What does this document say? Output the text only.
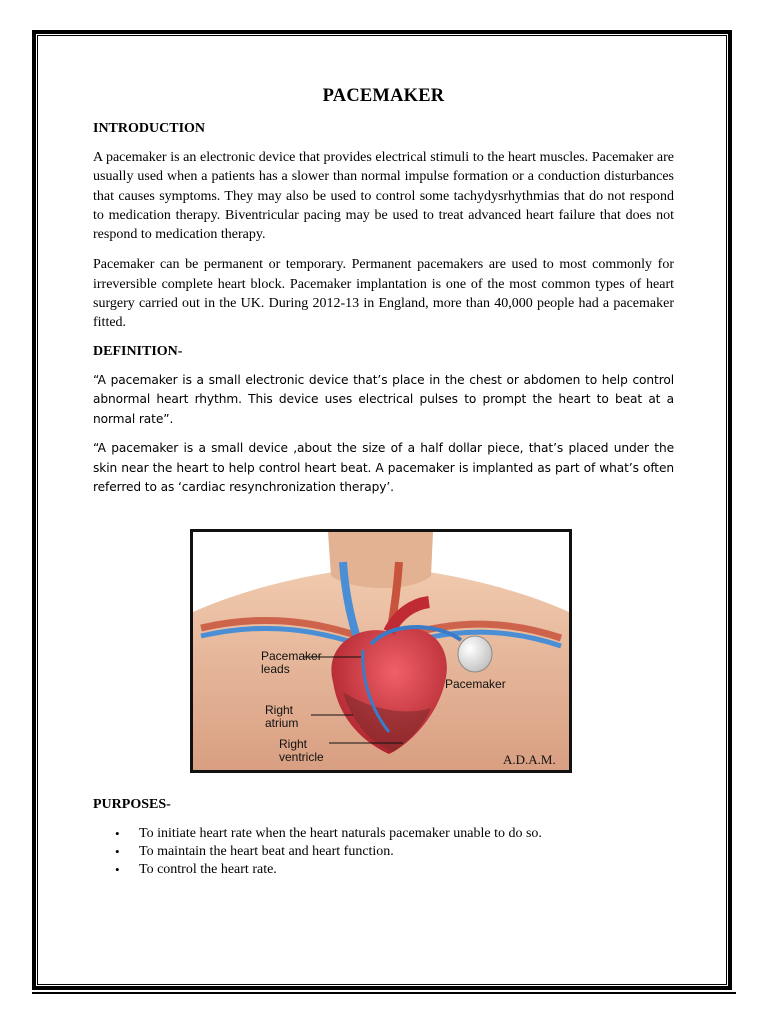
PACEMAKER
INTRODUCTION

A pacemaker is an electronic device that provides electrical stimuli to the heart muscles. Pacemaker are usually used when a patients has a slower than normal impulse formation or a conduction disturbances that causes symptoms. They may also be used to control some tachydysrhythmias that do not respond to medication therapy. Biventricular pacing may be used to treat advanced heart failure that does not respond to medication therapy.

Pacemaker can be permanent or temporary. Permanent pacemakers are used to most commonly for irreversible complete heart block. Pacemaker implantation is one of the most common types of heart surgery carried out in the UK. During 2012-13 in England, more than 40,000 people had a pacemaker fitted.

DEFINITION-

“A pacemaker is a small electronic device that’s place in the chest or abdomen to help control abnormal heart rhythm. This device uses electrical pulses to prompt the heart to beat at a normal rate”.

“A pacemaker is a small device ,about the size of a half dollar piece, that’s placed under the skin near the heart to help control heart beat. A pacemaker is implanted as part of what’s often referred to as ‘cardiac resynchronization therapy’.

Pacemaker
leads
Pacemaker
Right
atrium
Right
ventricle	A.D.A.M.
PURPOSES-
• To initiate heart rate when the heart naturals pacemaker unable to do so.
• To maintain the heart beat and heart function.
• To control the heart rate.
